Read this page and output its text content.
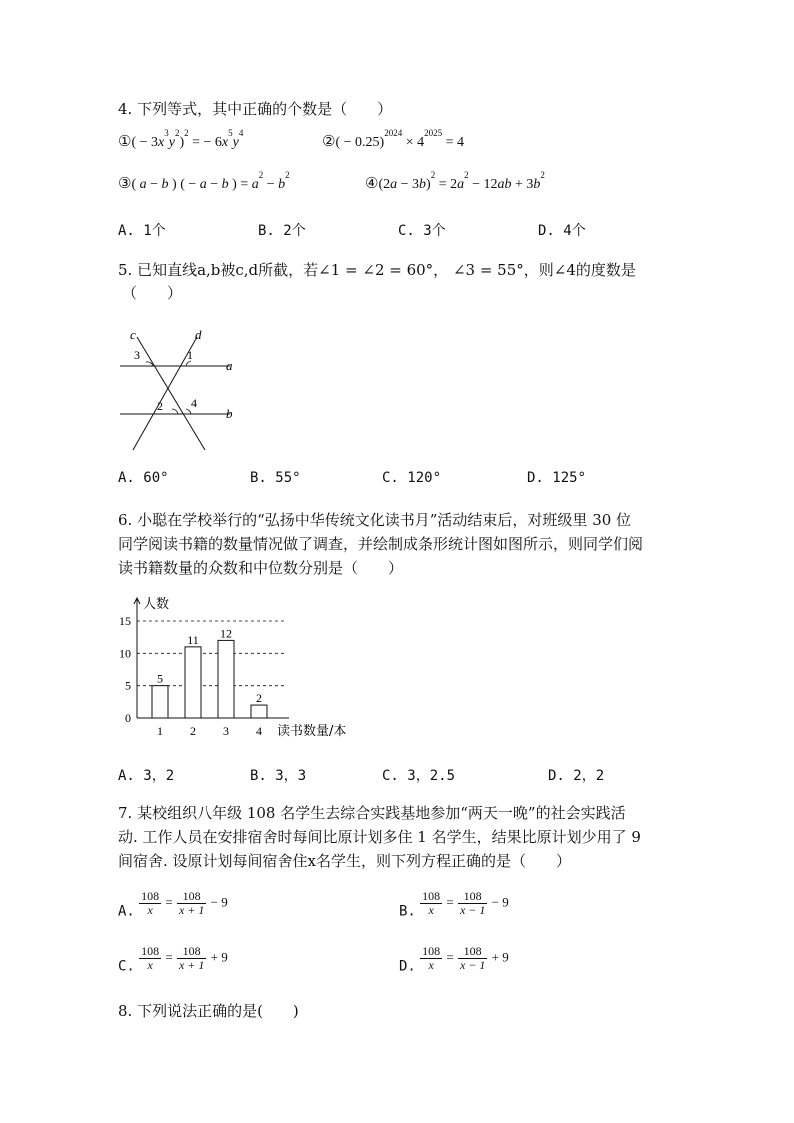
4. 下列等式，其中正确的个数是（　　）
①( − $3x^3y^2)^2$ = − $6x^5y^4$	②( − $0.25)^{2024} \times 4^{2025} = 4$
③( a − b ) ( − a − b ) = $a^2 - b^2$	④(2a − $3b)^2 = 2a^2 - 12ab + 3b^2$
A. 1个	B. 2个	C. 3个	D. 4个
5. 已知直线a,b被c,d所截，若∠1 = ∠2 = 60°， ∠3 = 55°，则∠4的度数是
（　　）
c	d
a
b
3	1
2 4
A. 60°	B. 55°	C. 120°	D. 125°
6. 小聪在学校举行的“弘扬中华传统文化读书月”活动结束后，对班级里 30 位
同学阅读书籍的数量情况做了调查，并绘制成条形统计图如图所示，则同学们阅
读书籍数量的众数和中位数分别是（　　）
0
5
10
15
人数
读书数量/本
5
1
11
2
12
3
2
4
A. 3，2	B. 3，3	C. 3，2.5	D. 2，2
7. 某校组织八年级 108 名学生去综合实践基地参加“两天一晚”的社会实践活
动. 工作人员在安排宿舍时每间比原计划多住 1 名学生，结果比原计划少用了 9
间宿舍. 设原计划每间宿舍住x名学生，则下列方程正确的是（　　）
A. $\frac{108}{x} = \frac{108}{x + 1} - 9$
B. $\frac{108}{x} = \frac{108}{x - 1} - 9$
C. $\frac{108}{x} = \frac{108}{x + 1} + 9$
D. $\frac{108}{x} = \frac{108}{x - 1} + 9$
8. 下列说法正确的是(　　)
